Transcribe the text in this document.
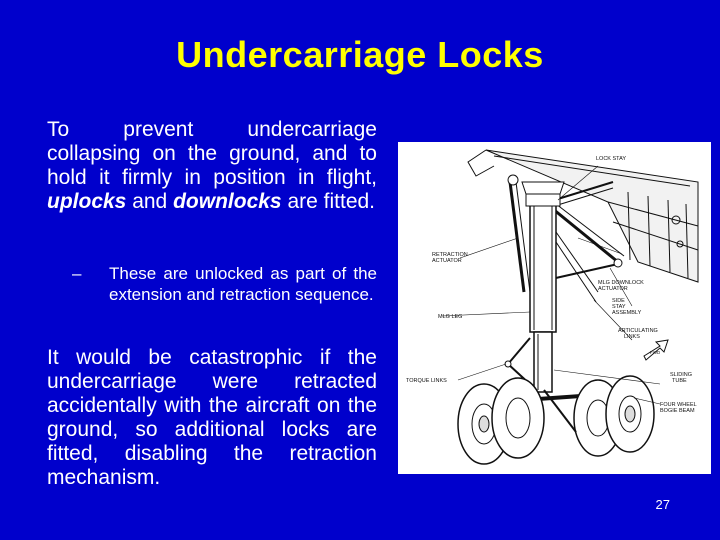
Undercarriage Locks

To prevent undercarriage collapsing on the ground, and to hold it firmly in position in flight, uplocks and downlocks are fitted.

– These are unlocked as part of the extension and retraction sequence.

It would be catastrophic if the undercarriage were retracted accidentally with the aircraft on the ground, so additional locks are fitted, disabling the retraction mechanism.

LOCK STAY
RETRACTION
ACTUATOR
MLG DOWNLOCK
ACTUATOR
SIDE
STAY
ASSEMBLY
MLG LEG
ARTICULATING
LINKS
SLIDING
TUBE
TORQUE LINKS
FOUR WHEEL
BOGIE BEAM
FWD
27
